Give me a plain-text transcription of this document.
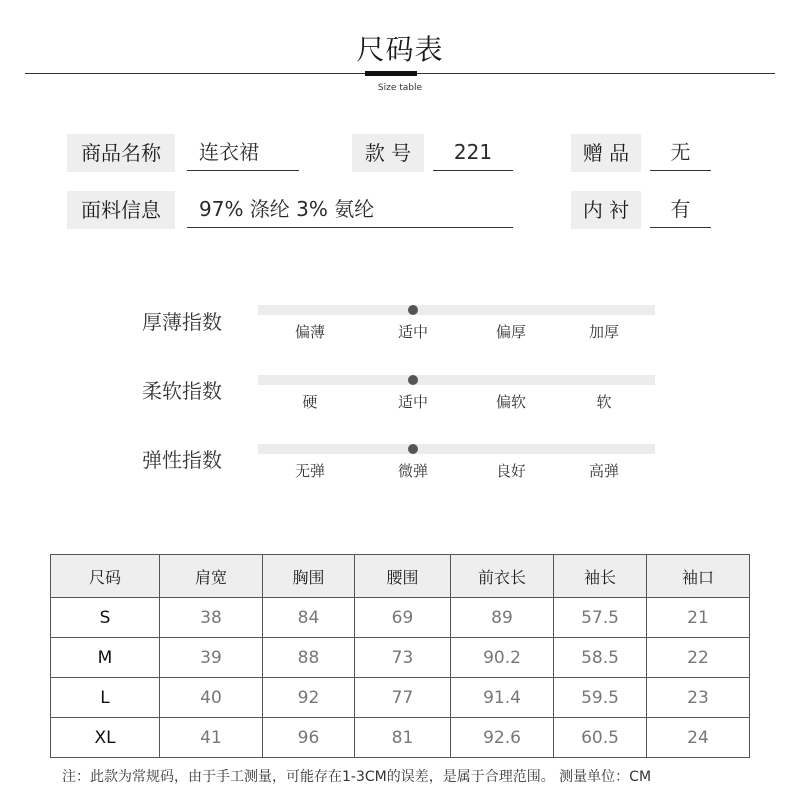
尺码表
Size table
商品名称	连衣裙	款 号	221	赠 品	无
面料信息	97% 涤纶 3% 氨纶	内 衬	有
厚薄指数	偏薄	适中	偏厚	加厚
柔软指数	硬	适中	偏软	软
弹性指数	无弹	微弹	良好	高弹
尺码	肩宽	胸围	腰围	前衣长	袖长	袖口
S	38	84	69	89	57.5	21
M	39	88	73	90.2	58.5	22
L	40	92	77	91.4	59.5	23
XL	41	96	81	92.6	60.5	24
注：此款为常规码，由于手工测量，可能存在1-3CM的误差，是属于合理范围。 测量单位：CM
